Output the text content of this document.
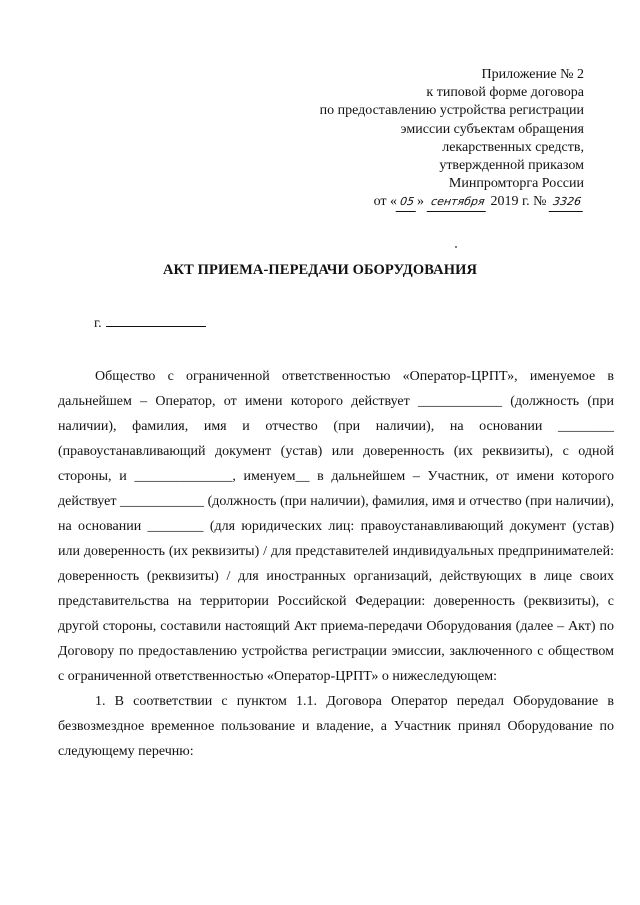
Приложение № 2
к типовой форме договора
по предоставлению устройства регистрации
эмиссии субъектам обращения
лекарственных средств,
утвержденной приказом
Минпромторга России
от « 05 » сентября 2019 г. № 3326
АКТ ПРИЕМА-ПЕРЕДАЧИ ОБОРУДОВАНИЯ
г.

Общество с ограниченной ответственностью «Оператор-ЦРПТ», именуемое в дальнейшем – Оператор, от имени которого действует ____________ (должность (при наличии), фамилия, имя и отчество (при наличии), на основании ________ (правоустанавливающий документ (устав) или доверенность (их реквизиты), с одной стороны, и ______________, именуем__ в дальнейшем – Участник, от имени которого действует ____________ (должность (при наличии), фамилия, имя и отчество (при наличии), на основании ________ (для юридических лиц: правоустанавливающий документ (устав) или доверенность (их реквизиты) / для представителей индивидуальных предпринимателей: доверенность (реквизиты) / для иностранных организаций, действующих в лице своих представительства на территории Российской Федерации: доверенность (реквизиты), с другой стороны, составили настоящий Акт приема-передачи Оборудования (далее – Акт) по Договору по предоставлению устройства регистрации эмиссии, заключенного с обществом с ограниченной ответственностью «Оператор-ЦРПТ» о нижеследующем:

1. В соответствии с пунктом 1.1. Договора Оператор передал Оборудование в безвозмездное временное пользование и владение, а Участник принял Оборудование по следующему перечню:
